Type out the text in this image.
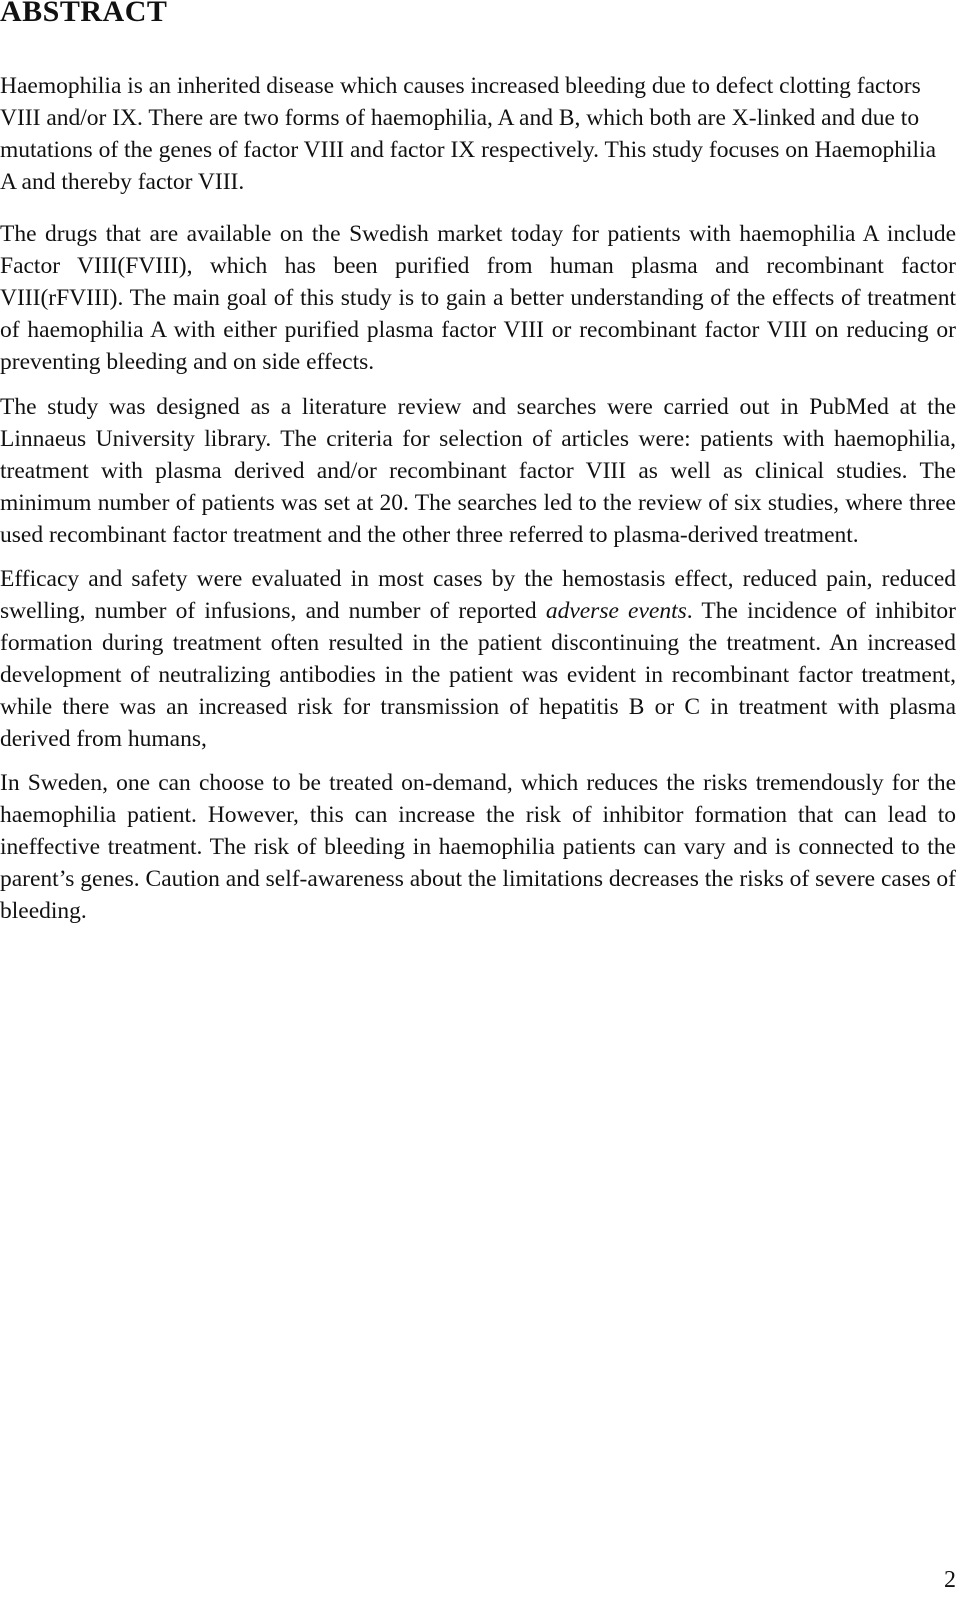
ABSTRACT

Haemophilia is an inherited disease which causes increased bleeding due to defect clotting factors VIII and/or IX. There are two forms of haemophilia, A and B, which both are X-linked and due to mutations of the genes of factor VIII and factor IX respectively. This study focuses on Haemophilia A and thereby factor VIII.

The drugs that are available on the Swedish market today for patients with haemophilia A include Factor VIII(FVIII), which has been purified from human plasma and recombinant factor VIII(rFVIII). The main goal of this study is to gain a better understanding of the effects of treatment of haemophilia A with either purified plasma factor VIII or recombinant factor VIII on reducing or preventing bleeding and on side effects.

The study was designed as a literature review and searches were carried out in PubMed at the Linnaeus University library. The criteria for selection of articles were: patients with haemophilia, treatment with plasma derived and/or recombinant factor VIII as well as clinical studies. The minimum number of patients was set at 20. The searches led to the review of six studies, where three used recombinant factor treatment and the other three referred to plasma-derived treatment.

Efficacy and safety were evaluated in most cases by the hemostasis effect, reduced pain, reduced swelling, number of infusions, and number of reported adverse events. The incidence of inhibitor formation during treatment often resulted in the patient discontinuing the treatment. An increased development of neutralizing antibodies in the patient was evident in recombinant factor treatment, while there was an increased risk for transmission of hepatitis B or C in treatment with plasma derived from humans,

In Sweden, one can choose to be treated on-demand, which reduces the risks tremendously for the haemophilia patient. However, this can increase the risk of inhibitor formation that can lead to ineffective treatment. The risk of bleeding in haemophilia patients can vary and is connected to the parent’s genes. Caution and self-awareness about the limitations decreases the risks of severe cases of bleeding.

2
